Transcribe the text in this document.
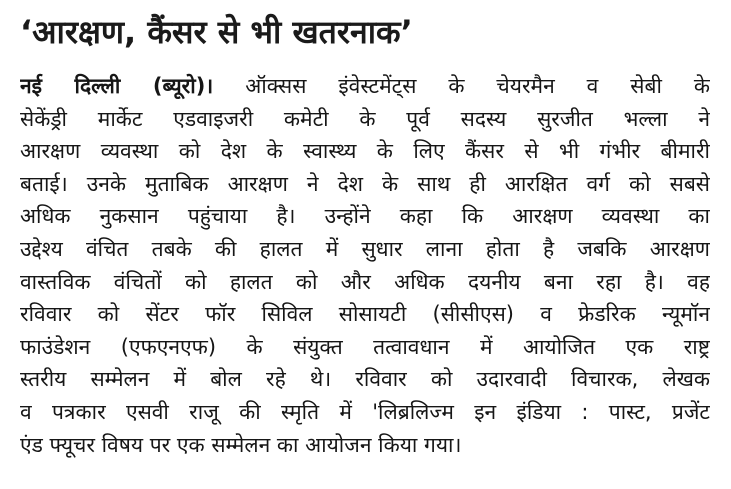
‘आरक्षण, कैंसर से भी खतरनाक’
नई दिल्ली (ब्यूरो)। ऑक्सस इंवेस्टमेंट्स के चेयरमैन व सेबी के
सेकेंड्री मार्केट एडवाइजरी कमेटी के पूर्व सदस्य सुरजीत भल्ला ने
आरक्षण व्यवस्था को देश के स्वास्थ्य के लिए कैंसर से भी गंभीर बीमारी
बताई। उनके मुताबिक आरक्षण ने देश के साथ ही आरक्षित वर्ग को सबसे
अधिक नुकसान पहुंचाया है। उन्होंने कहा कि आरक्षण व्यवस्था का
उद्देश्य वंचित तबके की हालत में सुधार लाना होता है जबकि आरक्षण
वास्तविक वंचितों को हालत को और अधिक दयनीय बना रहा है। वह
रविवार को सेंटर फॉर सिविल सोसायटी (सीसीएस) व फ्रेडरिक न्यूमॉन
फाउंडेशन (एफएनएफ) के संयुक्त तत्वावधान में आयोजित एक राष्ट्र
स्तरीय सम्मेलन में बोल रहे थे। रविवार को उदारवादी विचारक, लेखक
व पत्रकार एसवी राजू की स्मृति में 'लिब्रलिज्म इन इंडिया : पास्ट, प्रजेंट
एंड फ्यूचर विषय पर एक सम्मेलन का आयोजन किया गया।
